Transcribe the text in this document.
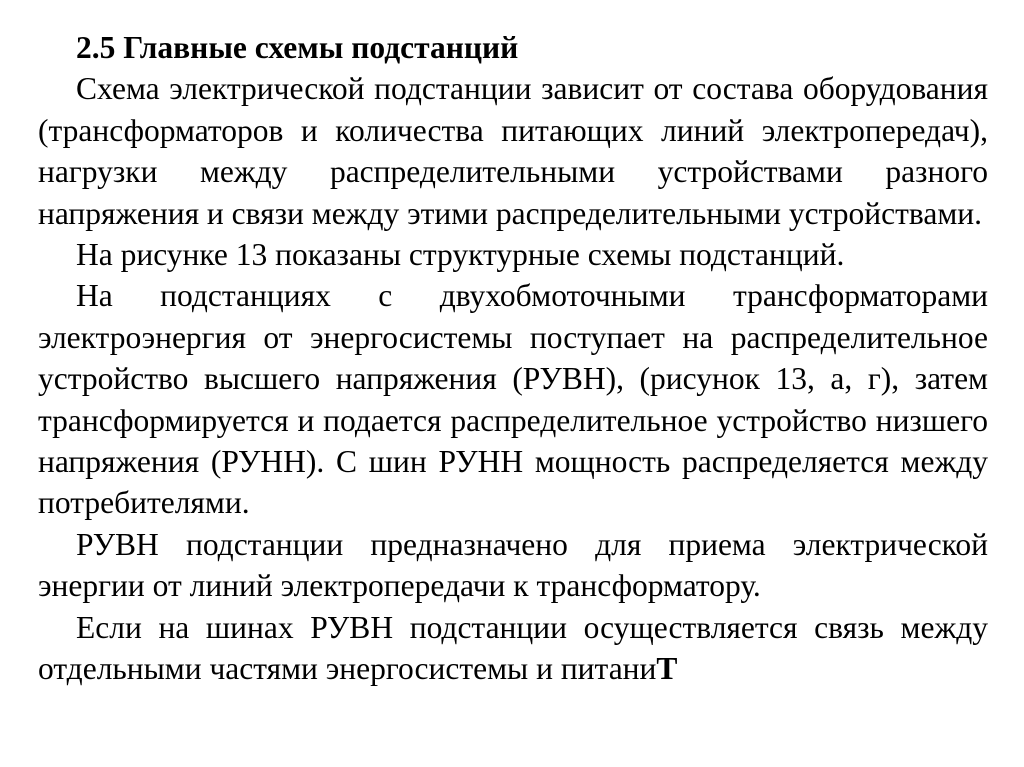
2.5 Главные схемы подстанций

Схема электрической подстанции зависит от состава оборудования (трансформаторов и количества питающих линий электропередач), нагрузки между распределительными устройствами разного напряжения и связи между этими распределительными устройствами.

На рисунке 13 показаны структурные схемы подстанций.

На подстанциях с двухобмоточными трансформаторами электроэнергия от энергосистемы поступает на распределительное устройство высшего напряжения (РУВН), (рисунок 13, а, г), затем трансформируется и подается распределительное устройство низшего напряжения (РУНН). С шин РУНН мощность распределяется между потребителями.

РУВН подстанции предназначено для приема электрической энергии от линий электропередачи к трансформатору.

Если на шинах РУВН подстанции осуществляется связь между отдельными частями энергосистемы и питаниТ
